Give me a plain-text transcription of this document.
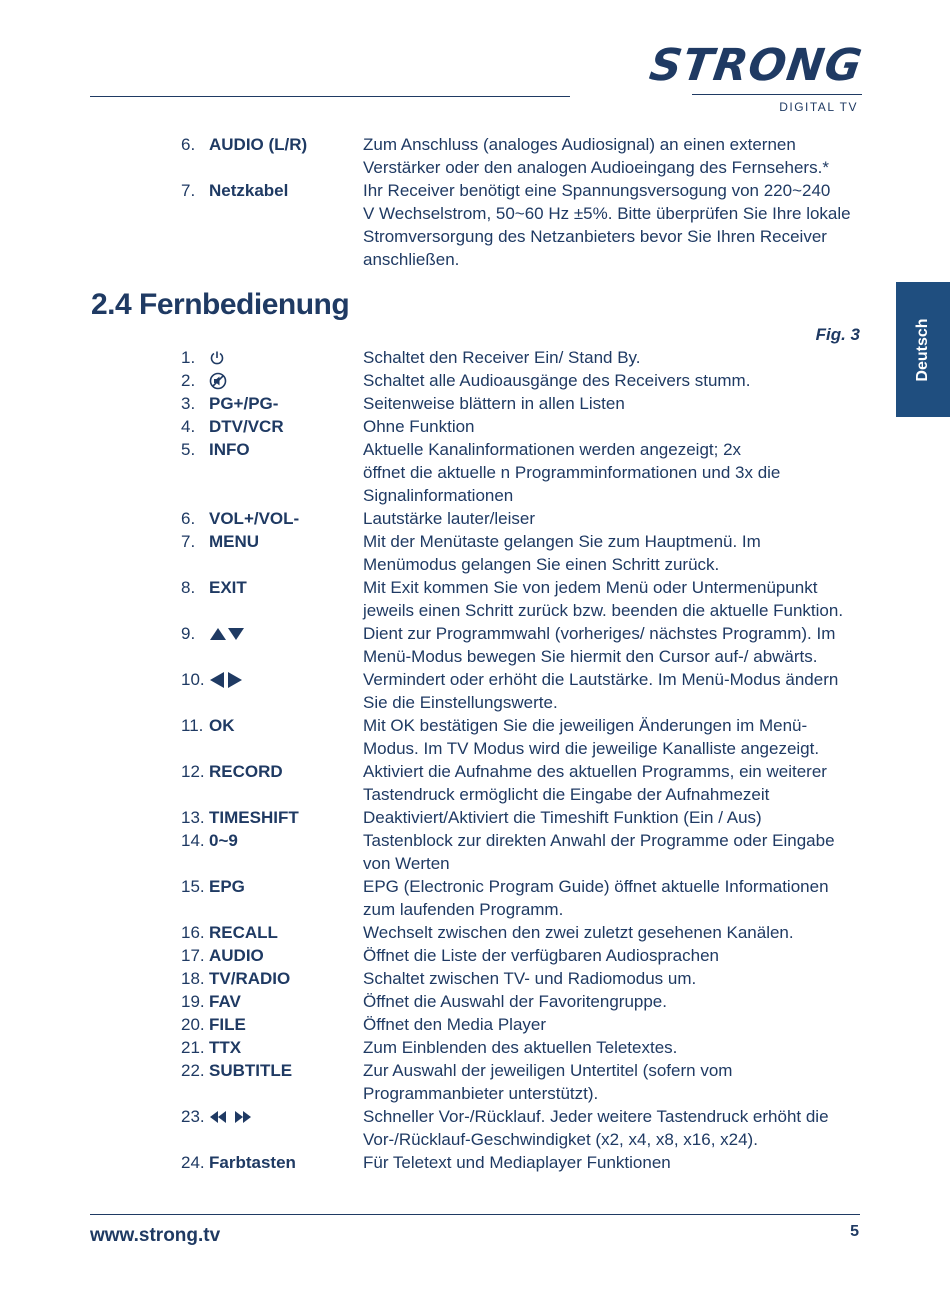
STRONG
DIGITAL TV
Deutsch
2.4 Fernbedienung
Fig. 3
6. AUDIO (L/R)	Zum Anschluss (analoges Audiosignal) an einen externen
Verstärker oder den analogen Audioeingang des Fernsehers.*
7. Netzkabel	Ihr Receiver benötigt eine Spannungsversogung von 220~240
V Wechselstrom, 50~60 Hz ±5%. Bitte überprüfen Sie Ihre lokale
Stromversorgung des Netzanbieters bevor Sie Ihren Receiver
anschließen.
1.	Schaltet den Receiver Ein/ Stand By.
2.	Schaltet alle Audioausgänge des Receivers stumm.
3. PG+/PG-	Seitenweise blättern in allen Listen
4. DTV/VCR	Ohne Funktion
5. INFO	Aktuelle Kanalinformationen werden angezeigt; 2x
öffnet die aktuelle n Programminformationen und 3x die
Signalinformationen
6. VOL+/VOL-	Lautstärke lauter/leiser
7. MENU	Mit der Menütaste gelangen Sie zum Hauptmenü. Im
Menümodus gelangen Sie einen Schritt zurück.
8. EXIT	Mit Exit kommen Sie von jedem Menü oder Untermenüpunkt
jeweils einen Schritt zurück bzw. beenden die aktuelle Funktion.
9.	Dient zur Programmwahl (vorheriges/ nächstes Programm). Im
Menü-Modus bewegen Sie hiermit den Cursor auf-/ abwärts.
10.	Vermindert oder erhöht die Lautstärke. Im Menü-Modus ändern
Sie die Einstellungswerte.
11. OK	Mit OK bestätigen Sie die jeweiligen Änderungen im Menü-
Modus. Im TV Modus wird die jeweilige Kanalliste angezeigt.
12. RECORD	Aktiviert die Aufnahme des aktuellen Programms, ein weiterer
Tastendruck ermöglicht die Eingabe der Aufnahmezeit
13. TIMESHIFT	Deaktiviert/Aktiviert die Timeshift Funktion (Ein / Aus)
14. 0~9	Tastenblock zur direkten Anwahl der Programme oder Eingabe
von Werten
15. EPG	EPG (Electronic Program Guide) öffnet aktuelle Informationen
zum laufenden Programm.
16. RECALL	Wechselt zwischen den zwei zuletzt gesehenen Kanälen.
17. AUDIO	Öffnet die Liste der verfügbaren Audiosprachen
18. TV/RADIO	Schaltet zwischen TV- und Radiomodus um.
19. FAV	Öffnet die Auswahl der Favoritengruppe.
20. FILE	Öffnet den Media Player
21. TTX	Zum Einblenden des aktuellen Teletextes.
22. SUBTITLE	Zur Auswahl der jeweiligen Untertitel (sofern vom
Programmanbieter unterstützt).
23.	Schneller Vor-/Rücklauf. Jeder weitere Tastendruck erhöht die
Vor-/Rücklauf-Geschwindigket (x2, x4, x8, x16, x24).
24. Farbtasten	Für Teletext und Mediaplayer Funktionen
www.strong.tv	5
